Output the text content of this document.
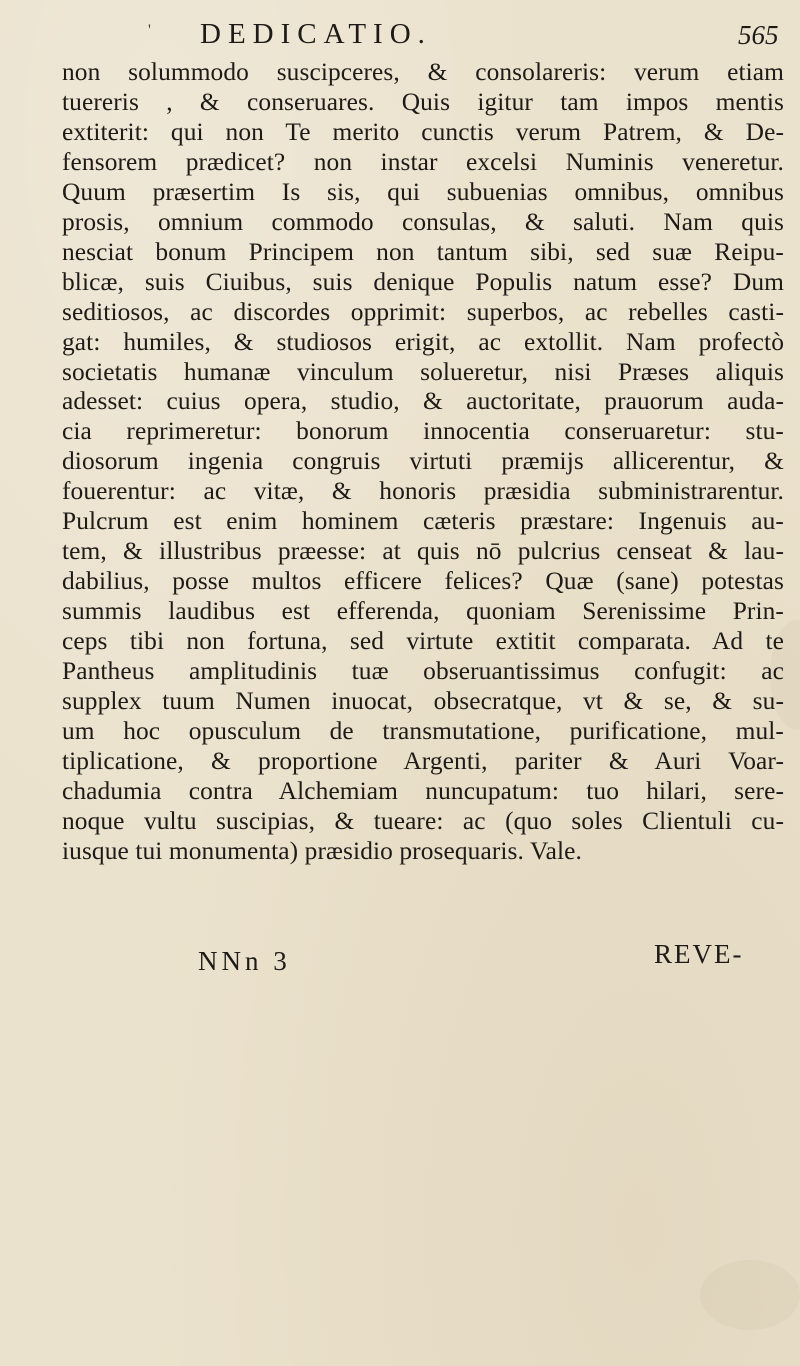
' DEDICATIO.	565
non solummodo suscipceres, & consolareris: verum etiam
tuereris , & conseruares. Quis igitur tam impos mentis
extiterit: qui non Te merito cunctis verum Patrem, & De-
fensorem prædicet? non instar excelsi Numinis veneretur.
Quum præsertim Is sis, qui subuenias omnibus, omnibus
prosis, omnium commodo consulas, & saluti. Nam quis
nesciat bonum Principem non tantum sibi, sed suæ Reipu-
blicæ, suis Ciuibus, suis denique Populis natum esse? Dum
seditiosos, ac discordes opprimit: superbos, ac rebelles casti-
gat: humiles, & studiosos erigit, ac extollit. Nam profectò
societatis humanæ vinculum solueretur, nisi Præses aliquis
adesset: cuius opera, studio, & auctoritate, prauorum auda-
cia reprimeretur: bonorum innocentia conseruaretur: stu-
diosorum ingenia congruis virtuti præmijs allicerentur, &
fouerentur: ac vitæ, & honoris præsidia subministrarentur.
Pulcrum est enim hominem cæteris præstare: Ingenuis au-
tem, & illustribus præesse: at quis nō pulcrius censeat & lau-
dabilius, posse multos efficere felices? Quæ (sane) potestas
summis laudibus est efferenda, quoniam Serenissime Prin-
ceps tibi non fortuna, sed virtute extitit comparata. Ad te
Pantheus amplitudinis tuæ obseruantissimus confugit: ac
supplex tuum Numen inuocat, obsecratque, vt & se, & su-
um hoc opusculum de transmutatione, purificatione, mul-
tiplicatione, & proportione Argenti, pariter & Auri Voar-
chadumia contra Alchemiam nuncupatum: tuo hilari, sere-
noque vultu suscipias, & tueare: ac (quo soles Clientuli cu-
iusque tui monumenta) præsidio prosequaris. Vale.
NNn 3	REVE-
